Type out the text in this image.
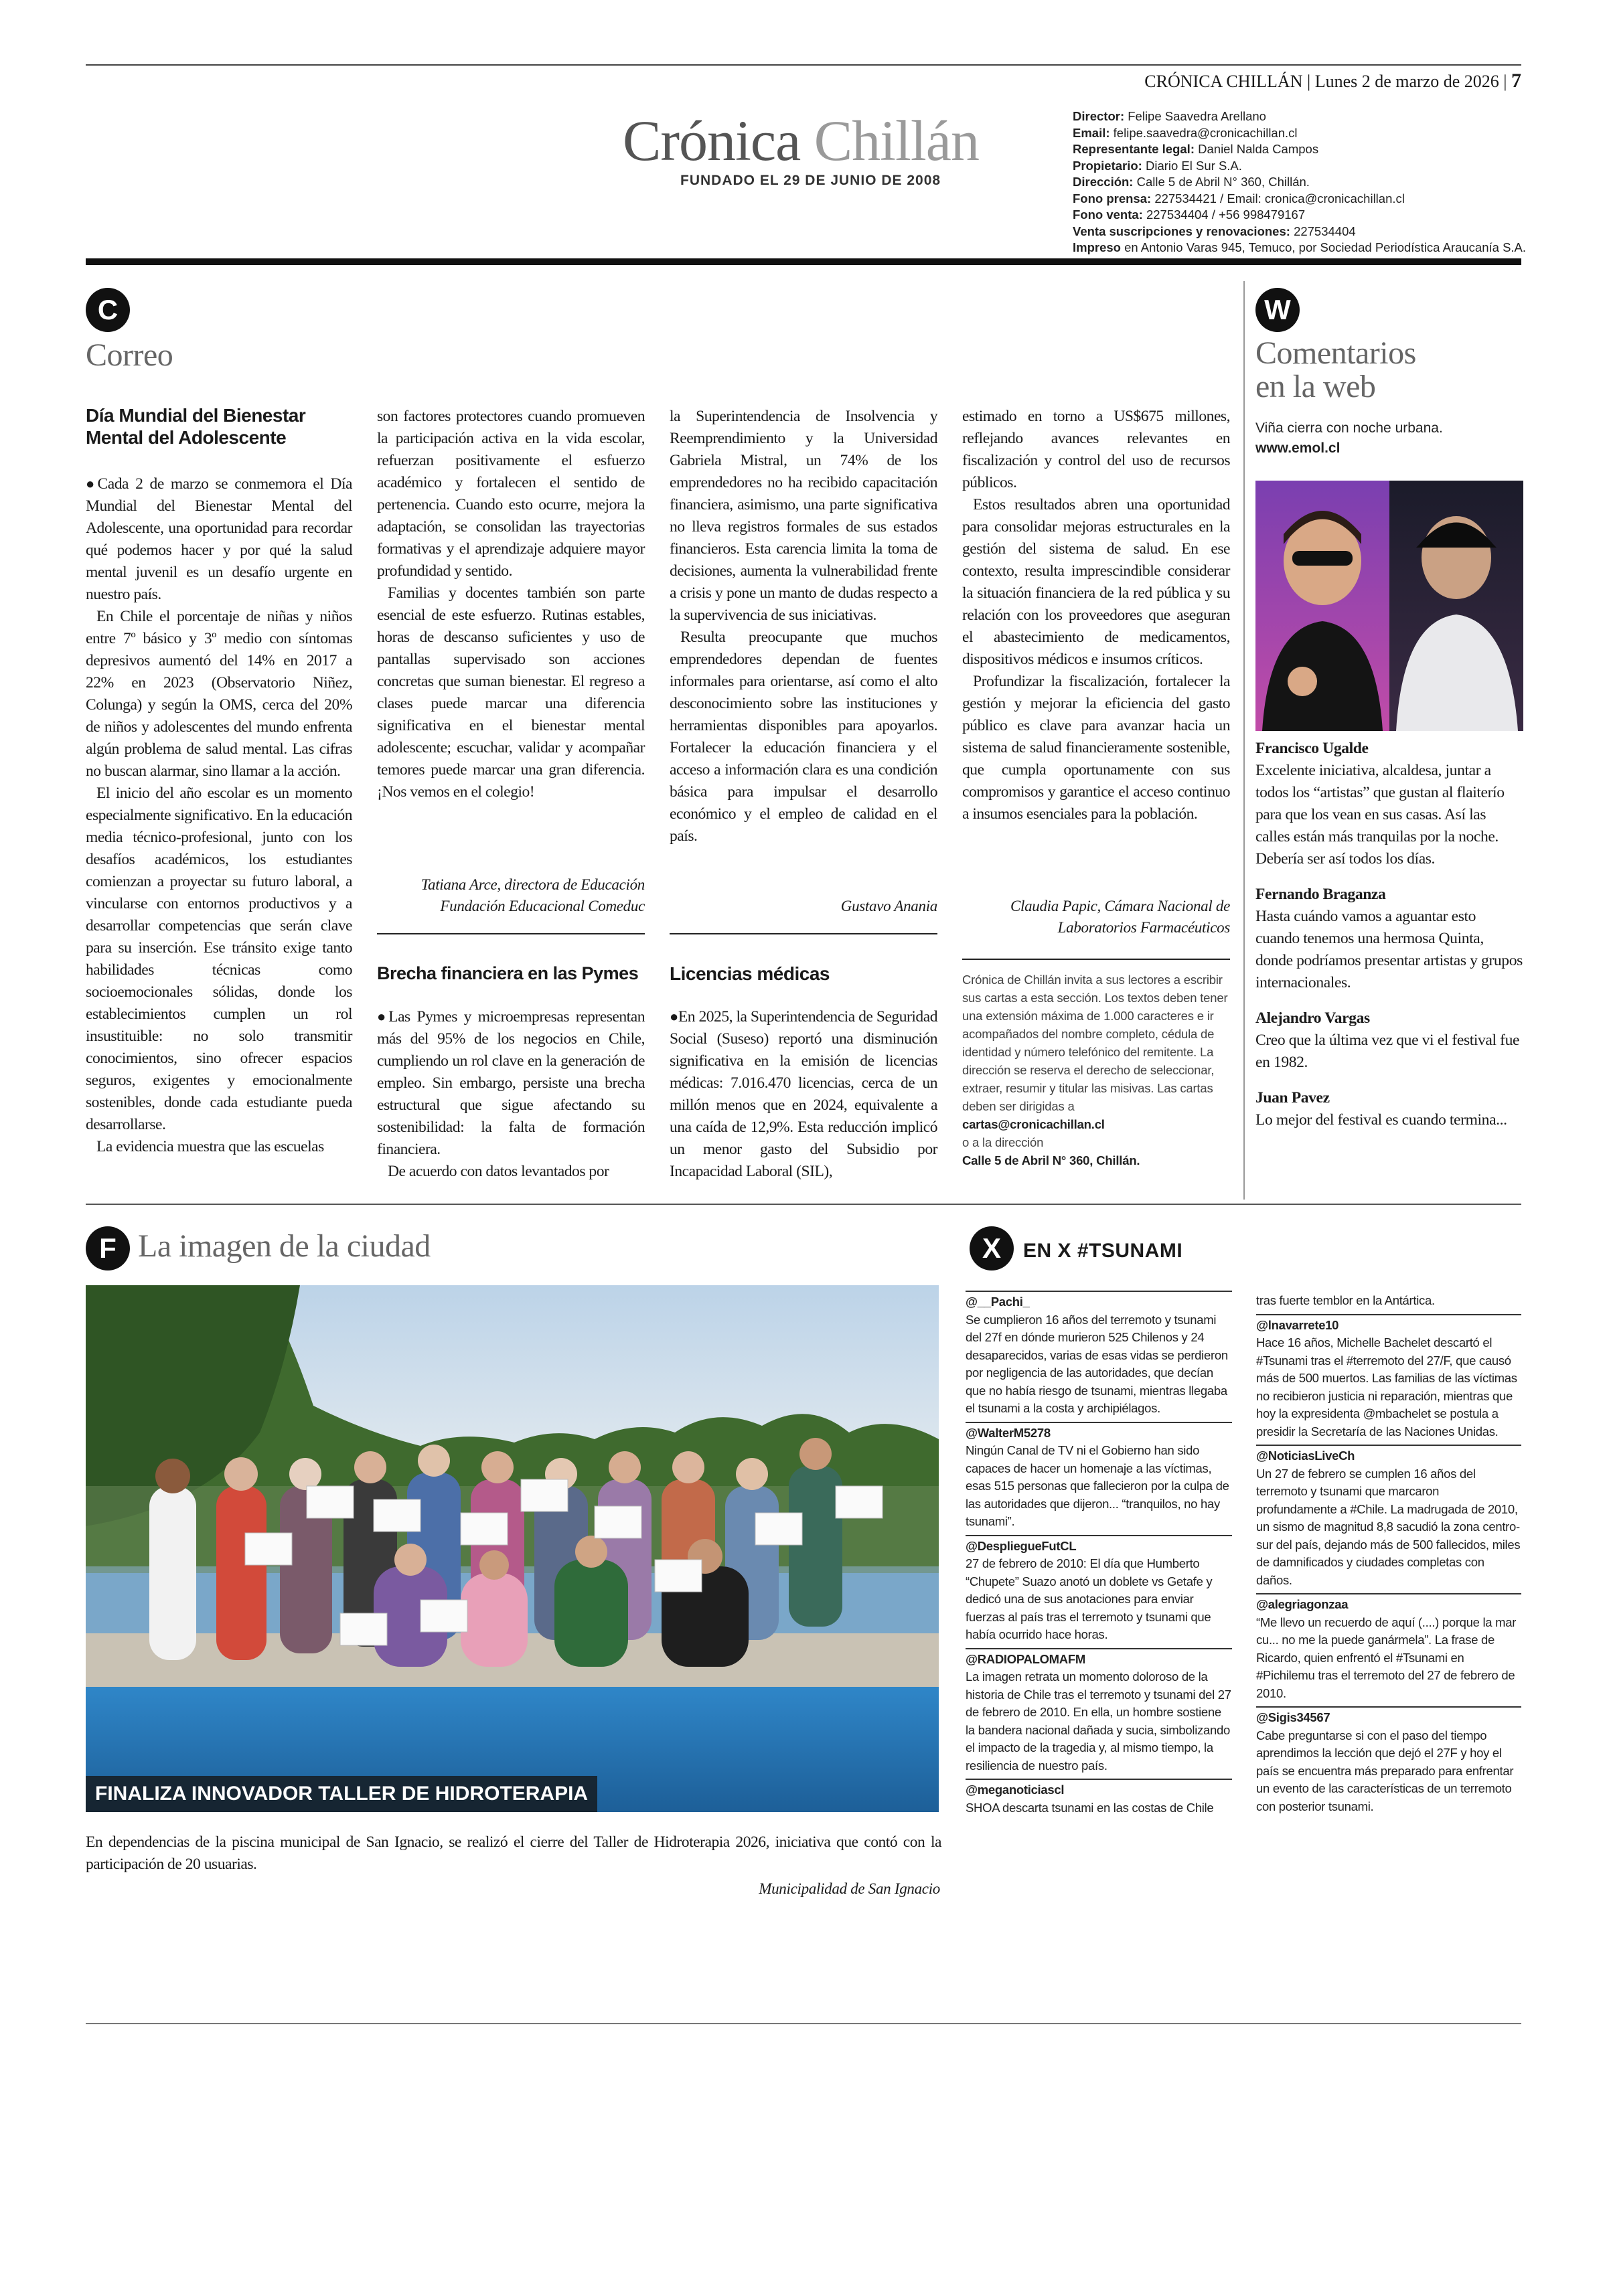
CRÓNICA CHILLÁN | Lunes 2 de marzo de 2026 | 7
Crónica Chillán
FUNDADO EL 29 DE JUNIO DE 2008
Director: Felipe Saavedra Arellano
Email: felipe.saavedra@cronicachillan.cl
Representante legal: Daniel Nalda Campos
Propietario: Diario El Sur S.A.
Dirección: Calle 5 de Abril N° 360, Chillán.
Fono prensa: 227534421 / Email: cronica@cronicachillan.cl
Fono venta: 227534404 / +56 998479167
Venta suscripciones y renovaciones: 227534404
Impreso en Antonio Varas 945, Temuco, por Sociedad Periodística Araucanía S.A.
C
Correo
Día Mundial del Bienestar Mental del Adolescente

●Cada 2 de marzo se conmemora el Día Mundial del Bienestar Mental del Adolescente, una oportunidad para recordar qué podemos hacer y por qué la salud mental juvenil es un desafío urgente en nuestro país.

En Chile el porcentaje de niñas y niños entre 7º básico y 3º medio con síntomas depresivos aumentó del 14% en 2017 a 22% en 2023 (Observatorio Niñez, Colunga) y según la OMS, cerca del 20% de niños y adolescentes del mundo enfrenta algún problema de salud mental. Las cifras no buscan alarmar, sino llamar a la acción.

El inicio del año escolar es un momento especialmente significativo. En la educación media técnico-profesional, junto con los desafíos académicos, los estudiantes comienzan a proyectar su futuro laboral, a vincularse con entornos productivos y a desarrollar competencias que serán clave para su inserción. Ese tránsito exige tanto habilidades técnicas como socioemocionales sólidas, donde los establecimientos cumplen un rol insustituible: no solo transmitir conocimientos, sino ofrecer espacios seguros, exigentes y emocionalmente sostenibles, donde cada estudiante pueda desarrollarse.

La evidencia muestra que las escuelas

son factores protectores cuando promueven la participación activa en la vida escolar, refuerzan positivamente el esfuerzo académico y fortalecen el sentido de pertenencia. Cuando esto ocurre, mejora la adaptación, se consolidan las trayectorias formativas y el aprendizaje adquiere mayor profundidad y sentido.

Familias y docentes también son parte esencial de este esfuerzo. Rutinas estables, horas de descanso suficientes y uso de pantallas supervisado son acciones concretas que suman bienestar. El regreso a clases puede marcar una diferencia significativa en el bienestar mental adolescente; escuchar, validar y acompañar temores puede marcar una gran diferencia. ¡Nos vemos en el colegio!

Tatiana Arce, directora de Educación Fundación Educacional Comeduc
Brecha financiera en las Pymes

●Las Pymes y microempresas representan más del 95% de los negocios en Chile, cumpliendo un rol clave en la generación de empleo. Sin embargo, persiste una brecha estructural que sigue afectando su sostenibilidad: la falta de formación financiera.

De acuerdo con datos levantados por

la Superintendencia de Insolvencia y Reemprendimiento y la Universidad Gabriela Mistral, un 74% de los emprendedores no ha recibido capacitación financiera, asimismo, una parte significativa no lleva registros formales de sus estados financieros. Esta carencia limita la toma de decisiones, aumenta la vulnerabilidad frente a crisis y pone un manto de dudas respecto a la supervivencia de sus iniciativas.

Resulta preocupante que muchos emprendedores dependan de fuentes informales para orientarse, así como el alto desconocimiento sobre las instituciones y herramientas disponibles para apoyarlos. Fortalecer la educación financiera y el acceso a información clara es una condición básica para impulsar el desarrollo económico y el empleo de calidad en el país.

Gustavo Anania
Licencias médicas

●En 2025, la Superintendencia de Seguridad Social (Suseso) reportó una disminución significativa en la emisión de licencias médicas: 7.016.470 licencias, cerca de un millón menos que en 2024, equivalente a una caída de 12,9%. Esta reducción implicó un menor gasto del Subsidio por Incapacidad Laboral (SIL),

estimado en torno a US$675 millones, reflejando avances relevantes en fiscalización y control del uso de recursos públicos.

Estos resultados abren una oportunidad para consolidar mejoras estructurales en la gestión del sistema de salud. En ese contexto, resulta imprescindible considerar la situación financiera de la red pública y su relación con los proveedores que aseguran el abastecimiento de medicamentos, dispositivos médicos e insumos críticos.

Profundizar la fiscalización, fortalecer la gestión y mejorar la eficiencia del gasto público es clave para avanzar hacia un sistema de salud financieramente sostenible, que cumpla oportunamente con sus compromisos y garantice el acceso continuo a insumos esenciales para la población.

Claudia Papic, Cámara Nacional de Laboratorios Farmacéuticos
Crónica de Chillán invita a sus lectores a escribir sus cartas a esta sección. Los textos deben tener una extensión máxima de 1.000 caracteres e ir acompañados del nombre completo, cédula de identidad y número telefónico del remitente. La dirección se reserva el derecho de seleccionar, extraer, resumir y titular las misivas. Las cartas deben ser dirigidas a
cartas@cronicachillan.cl
o a la dirección
Calle 5 de Abril N° 360, Chillán.
W
Comentarios
en la web
Viña cierra con noche urbana.
www.emol.cl
Francisco Ugalde
Excelente iniciativa, alcaldesa, juntar a todos los “artistas” que gustan al flaiterío para que los vean en sus casas. Así las calles están más tranquilas por la noche. Debería ser así todos los días.
Fernando Braganza
Hasta cuándo vamos a aguantar esto cuando tenemos una hermosa Quinta, donde podríamos presentar artistas y grupos internacionales.
Alejandro Vargas
Creo que la última vez que vi el festival fue en 1982.
Juan Pavez
Lo mejor del festival es cuando termina...
F La imagen de la ciudad
FINALIZA INNOVADOR TALLER DE HIDROTERAPIA
En dependencias de la piscina municipal de San Ignacio, se realizó el cierre del Taller de Hidroterapia 2026, iniciativa que contó con la participación de 20 usuarias.
Municipalidad de San Ignacio
X	EN X #TSUNAMI
@__Pachi_
Se cumplieron 16 años del terremoto y tsunami del 27f en dónde murieron 525 Chilenos y 24 desaparecidos, varias de esas vidas se perdieron por negligencia de las autoridades, que decían que no había riesgo de tsunami, mientras llegaba el tsunami a la costa y archipiélagos.
@WalterM5278
Ningún Canal de TV ni el Gobierno han sido capaces de hacer un homenaje a las víctimas, esas 515 personas que fallecieron por la culpa de las autoridades que dijeron... “tranquilos, no hay tsunami”.
@DespliegueFutCL
27 de febrero de 2010: El día que Humberto “Chupete” Suazo anotó un doblete vs Getafe y dedicó una de sus anotaciones para enviar fuerzas al país tras el terremoto y tsunami que había ocurrido hace horas.
@RADIOPALOMAFM
La imagen retrata un momento doloroso de la historia de Chile tras el terremoto y tsunami del 27 de febrero de 2010. En ella, un hombre sostiene la bandera nacional dañada y sucia, simbolizando el impacto de la tragedia y, al mismo tiempo, la resiliencia de nuestro país.
@meganoticiascl
SHOA descarta tsunami en las costas de Chile
tras fuerte temblor en la Antártica.
@lnavarrete10
Hace 16 años, Michelle Bachelet descartó el #Tsunami tras el #terremoto del 27/F, que causó más de 500 muertos. Las familias de las víctimas no recibieron justicia ni reparación, mientras que hoy la expresidenta @mbachelet se postula a presidir la Secretaría de las Naciones Unidas.
@NoticiasLiveCh
Un 27 de febrero se cumplen 16 años del terremoto y tsunami que marcaron profundamente a #Chile. La madrugada de 2010, un sismo de magnitud 8,8 sacudió la zona centro-sur del país, dejando más de 500 fallecidos, miles de damnificados y ciudades completas con daños.
@alegriagonzaa
“Me llevo un recuerdo de aquí (....) porque la mar cu... no me la puede ganármela”. La frase de Ricardo, quien enfrentó el #Tsunami en #Pichilemu tras el terremoto del 27 de febrero de 2010.
@Sigis34567
Cabe preguntarse si con el paso del tiempo aprendimos la lección que dejó el 27F y hoy el país se encuentra más preparado para enfrentar un evento de las características de un terremoto con posterior tsunami.
